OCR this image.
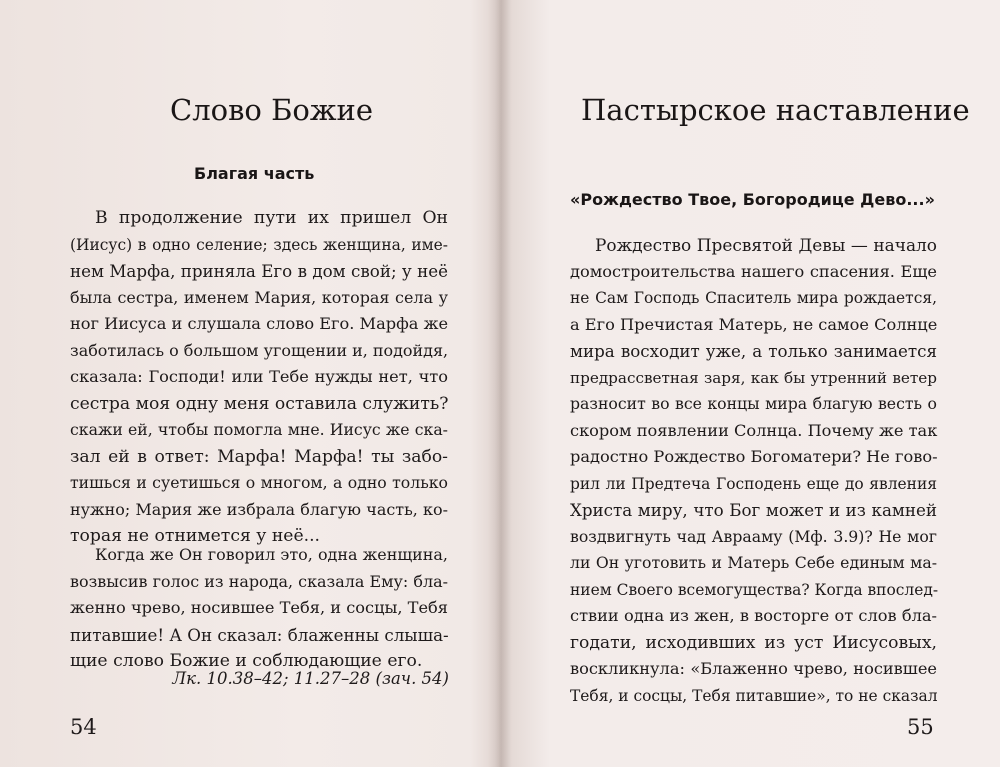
Слово Божие
Благая часть
В продолжение пути их пришел Он
(Иисус) в одно селение; здесь женщина, име-
нем Марфа, приняла Его в дом свой; у неё
была сестра, именем Мария, которая села у
ног Иисуса и слушала слово Его. Марфа же
заботилась о большом угощении и, подойдя,
сказала: Господи! или Тебе нужды нет, что
сестра моя одну меня оставила служить?
скажи ей, чтобы помогла мне. Иисус же ска-
зал ей в ответ: Марфа! Марфа! ты забо-
тишься и суетишься о многом, а одно только
нужно; Мария же избрала благую часть, ко-
торая не отнимется у неё...
Когда же Он говорил это, одна женщина,
возвысив голос из народа, сказала Ему: бла-
женно чрево, носившее Тебя, и сосцы, Тебя
питавшие! А Он сказал: блаженны слыша-
щие слово Божие и соблюдающие его.
Лк. 10.38–42; 11.27–28 (зач. 54)
54
Пастырское наставление
«Рождество Твое, Богородице Дево...»
Рождество Пресвятой Девы — начало
домостроительства нашего спасения. Еще
не Сам Господь Спаситель мира рождается,
а Его Пречистая Матерь, не самое Солнце
мира восходит уже, а только занимается
предрассветная заря, как бы утренний ветер
разносит во все концы мира благую весть о
скором появлении Солнца. Почему же так
радостно Рождество Богоматери? Не гово-
рил ли Предтеча Господень еще до явления
Христа миру, что Бог может и из камней
воздвигнуть чад Аврааму (Мф. 3.9)? Не мог
ли Он уготовить и Матерь Себе единым ма-
нием Своего всемогущества? Когда впослед-
ствии одна из жен, в восторге от слов бла-
годати, исходивших из уст Иисусовых,
воскликнула: «Блаженно чрево, носившее
Тебя, и сосцы, Тебя питавшие», то не сказал
55
